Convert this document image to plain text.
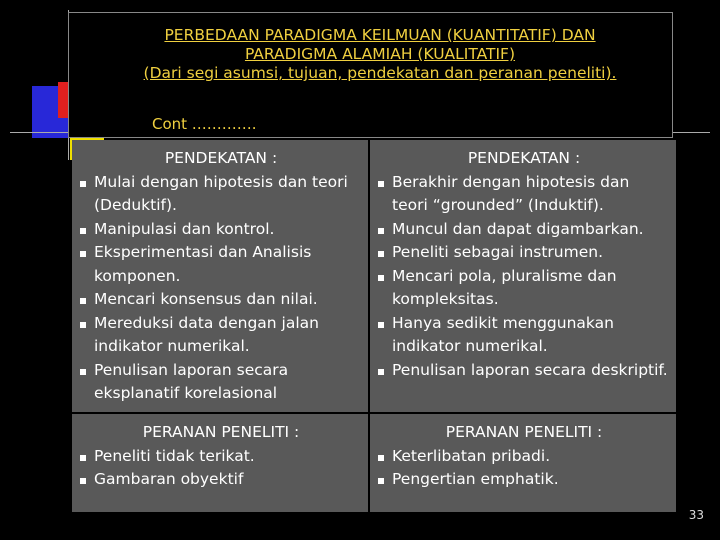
PERBEDAAN PARADIGMA KEILMUAN (KUANTITATIF) DAN
PARADIGMA ALAMIAH (KUALITATIF)
(Dari segi asumsi, tujuan, pendekatan dan peranan peneliti).
Cont ………….
PENDEKATAN :
Mulai dengan hipotesis dan teori (Deduktif).
Manipulasi dan kontrol.
Eksperimentasi dan Analisis komponen.
Mencari konsensus dan nilai.
Mereduksi data dengan jalan indikator numerikal.
Penulisan laporan secara eksplanatif korelasional
PENDEKATAN :
Berakhir dengan hipotesis dan teori “grounded” (Induktif).
Muncul dan dapat digambarkan.
Peneliti sebagai instrumen.
Mencari pola, pluralisme dan kompleksitas.
Hanya sedikit menggunakan indikator numerikal.
Penulisan laporan secara deskriptif.
PERANAN PENELITI :
Peneliti tidak terikat.
Gambaran obyektif
PERANAN PENELITI :
Keterlibatan pribadi.
Pengertian emphatik.
33
